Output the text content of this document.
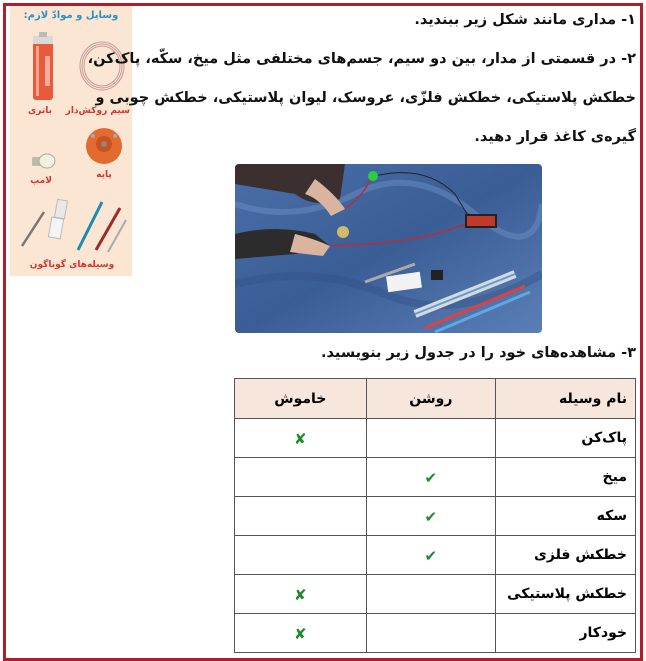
وسایل و موادّ لازم:
باتری	سیم روکش‌دار
لامپ
پایه
وسیله‌های گوناگون
۱- مداری مانند شکل زیر ببندید.
۲- در قسمتی از مدار، بین دو سیم، جسم‌های مختلفی مثل میخ، سکّه، پاک‌کن،
خطکش پلاستیکی، خطکش فلزّی، عروسک، لیوان پلاستیکی، خطکش چوبی و
گیره‌ی کاغذ قرار دهید.
۳- مشاهده‌های خود را در جدول زیر بنویسید.
نام وسیله	روشن	خاموش
پاک‌کن		✘
میخ	✔	
سکه	✔	
خطکش فلزی	✔	
خطکش پلاستیکی		✘
خودکار		✘
